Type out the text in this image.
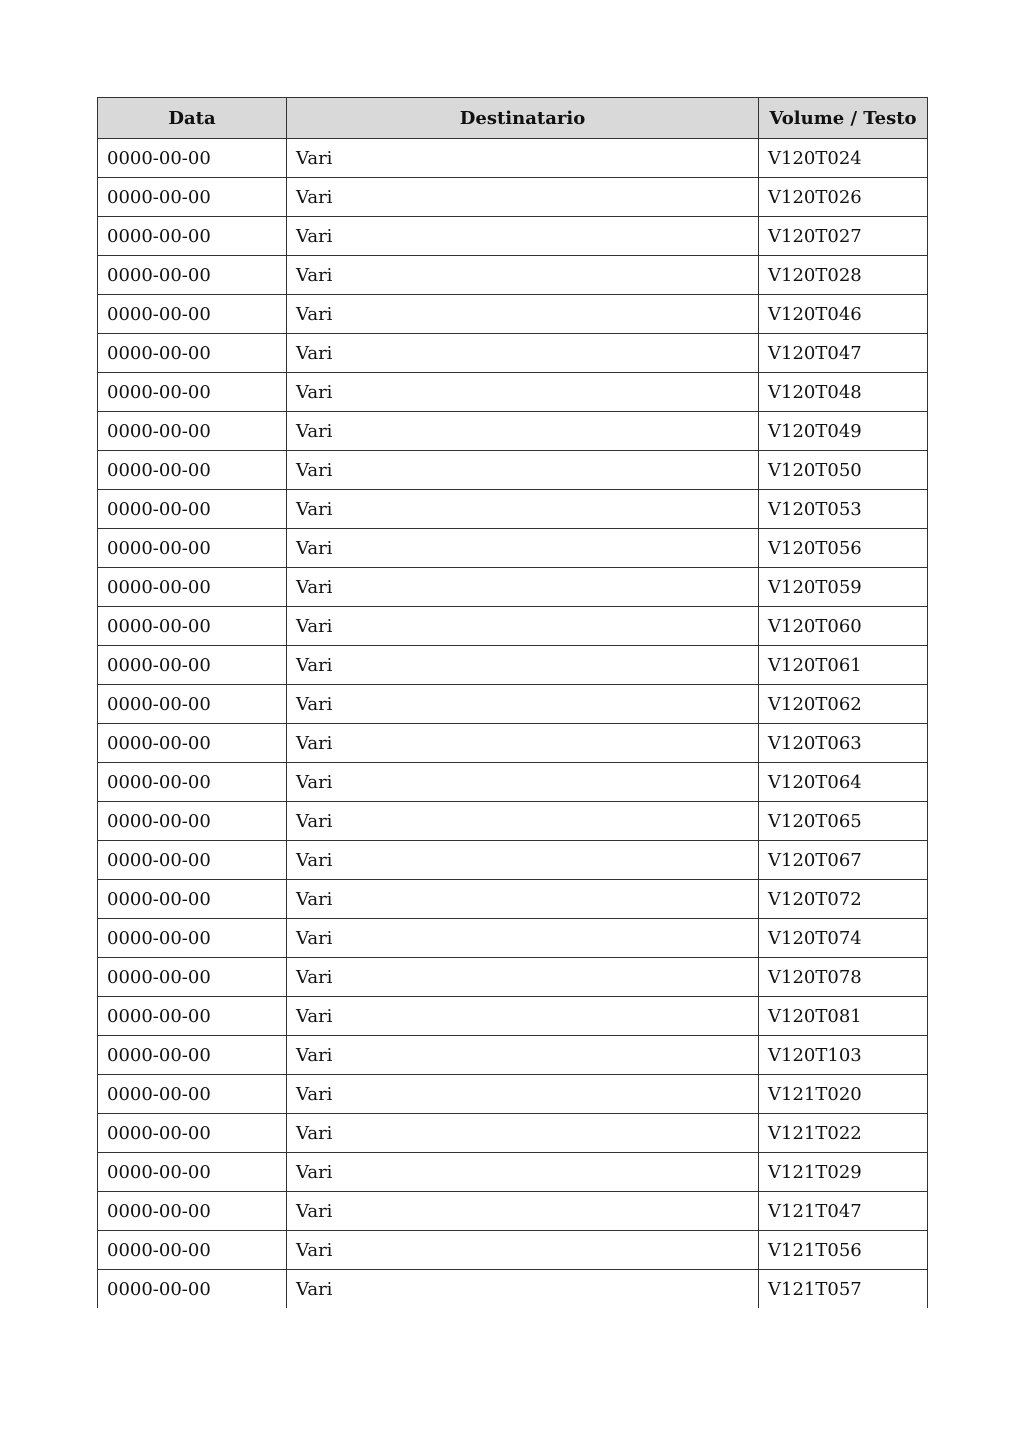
Data	Destinatario	Volume / Testo
0000-00-00	Vari	V120T024
0000-00-00	Vari	V120T026
0000-00-00	Vari	V120T027
0000-00-00	Vari	V120T028
0000-00-00	Vari	V120T046
0000-00-00	Vari	V120T047
0000-00-00	Vari	V120T048
0000-00-00	Vari	V120T049
0000-00-00	Vari	V120T050
0000-00-00	Vari	V120T053
0000-00-00	Vari	V120T056
0000-00-00	Vari	V120T059
0000-00-00	Vari	V120T060
0000-00-00	Vari	V120T061
0000-00-00	Vari	V120T062
0000-00-00	Vari	V120T063
0000-00-00	Vari	V120T064
0000-00-00	Vari	V120T065
0000-00-00	Vari	V120T067
0000-00-00	Vari	V120T072
0000-00-00	Vari	V120T074
0000-00-00	Vari	V120T078
0000-00-00	Vari	V120T081
0000-00-00	Vari	V120T103
0000-00-00	Vari	V121T020
0000-00-00	Vari	V121T022
0000-00-00	Vari	V121T029
0000-00-00	Vari	V121T047
0000-00-00	Vari	V121T056
0000-00-00	Vari	V121T057
